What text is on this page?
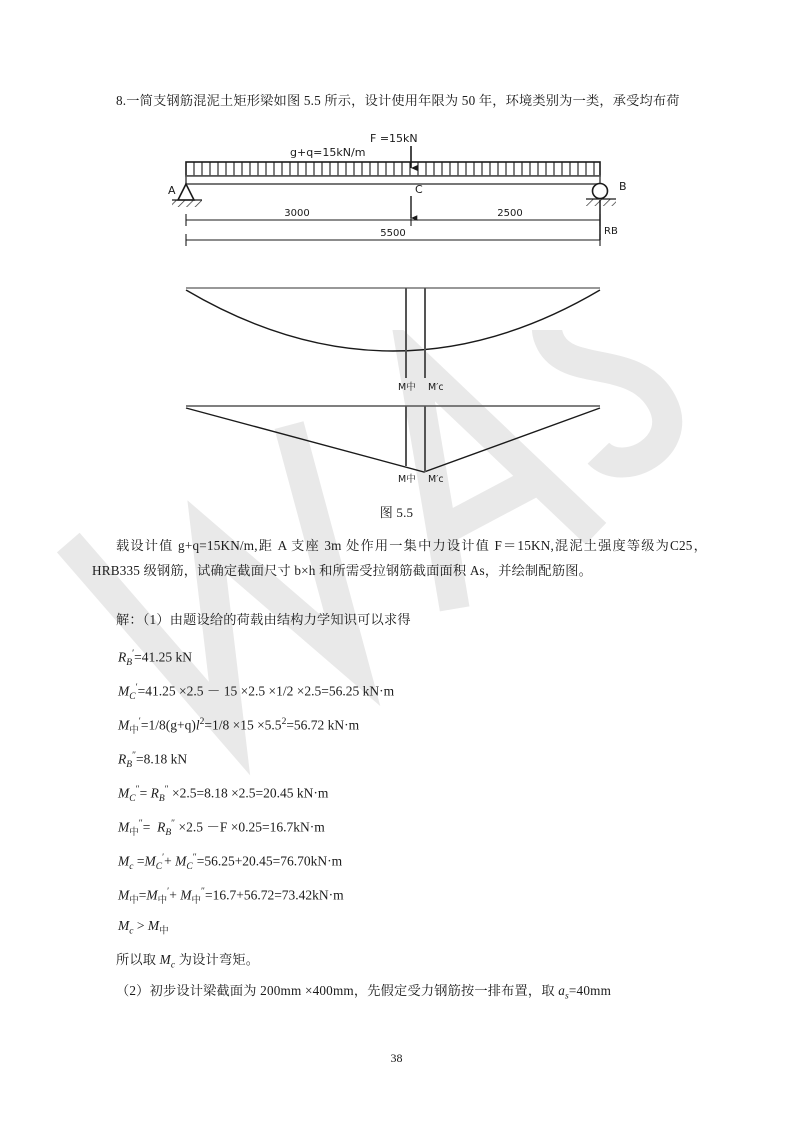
8.一简支钢筋混泥土矩形梁如图 5.5 所示，设计使用年限为 50 年，环境类别为一类，承受均布荷
g+q=15kN/m
F =15kN
A	B
RB
C
3000	2500
5500
M中 M′c
M中 M′c
图 5.5
载设计值 g+q=15KN/m,距 A 支座 3m 处作用一集中力设计值 F＝15KN,混泥土强度等级为C25，HRB335 级钢筋，试确定截面尺寸 b×h 和所需受拉钢筋截面面积 As，并绘制配筋图。
解：（1）由题设给的荷载由结构力学知识可以求得
$R_B'=41.25$ kN
$M_C'=41.25 \times 2.5 - 15 \times 2.5 \times 1/2 \times 2.5=56.25$ kN·m
$M_中'=1/8(g+q)l^2=1/8 \times 15 \times 5.5^2=56.72$ kN·m
$R_B''=8.18$ kN
$M_C''= R_B'' \times 2.5=8.18 \times 2.5=20.45$ kN·m
$M_中''= R_B'' \times 2.5 -F \times 0.25=16.7kN\cdot m$
$M_c =M_C'+ M_C''=56.25+20.45=76.70kN\cdot m$
$M_中=M_中'+ M_中''=16.7+56.72=73.42kN\cdot m$
$M_c > M_中$
所以取 $M_c$ 为设计弯矩。
（2）初步设计梁截面为 200mm ×400mm，先假定受力钢筋按一排布置，取 $a_s=40mm$
38
